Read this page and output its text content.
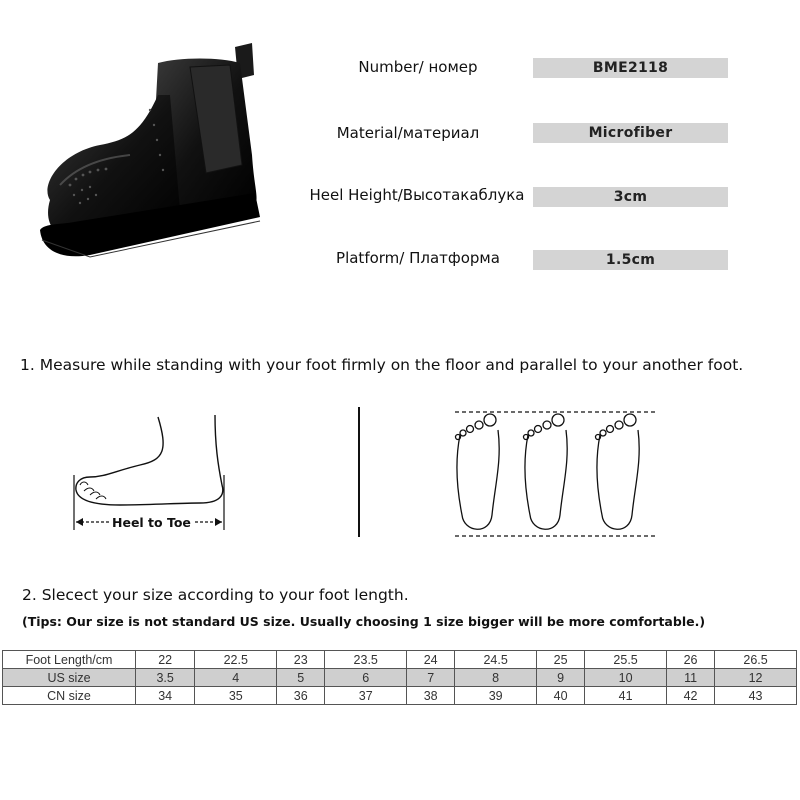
Number/ номер	BME2118
Material/материал	Microfiber
Heel Height/Высотакаблука	3cm
Platform/ Платформа	1.5cm
1. Measure while standing with your foot firmly on the floor and parallel to your another foot.
Heel to Toe
2. Slecect your size according to your foot length.
(Tips: Our size is not standard US size. Usually choosing 1 size bigger will be more comfortable.)
Foot Length/cm	22	22.5	23	23.5	24	24.5	25	25.5	26	26.5
US size	3.5	4	5	6	7	8	9	10	11	12
CN size	34	35	36	37	38	39	40	41	42	43
